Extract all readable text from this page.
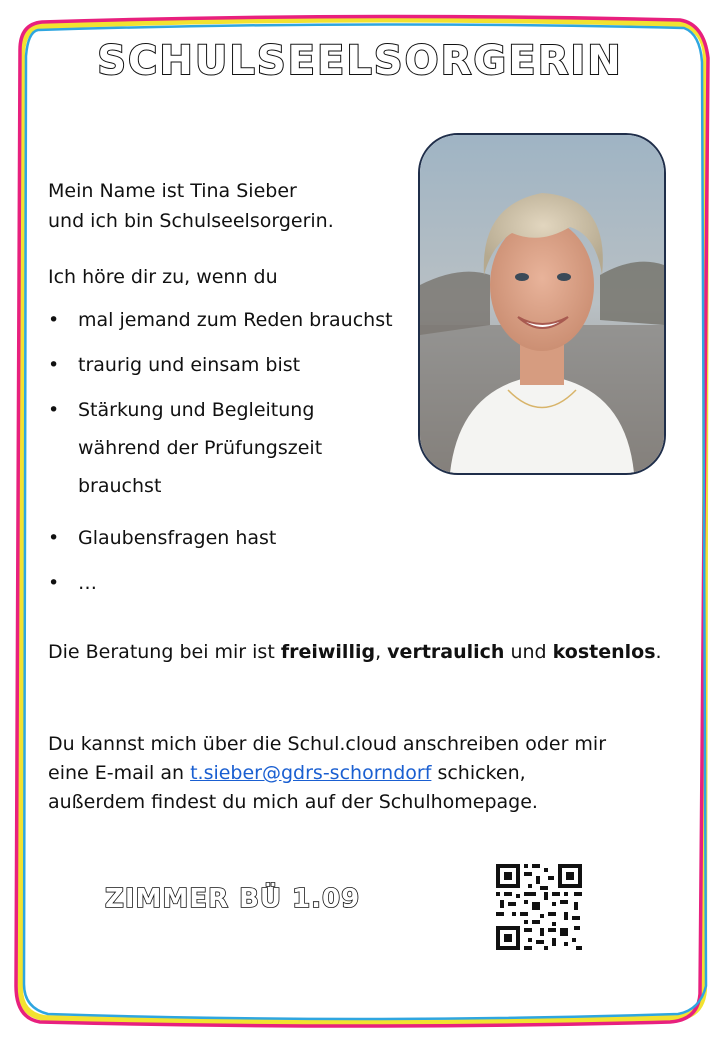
SCHULSEELSORGERIN
Mein Name ist Tina Sieber
und ich bin Schulseelsorgerin.
Ich höre dir zu, wenn du
• mal jemand zum Reden brauchst
• traurig und einsam bist
• Stärkung und Begleitung
während der Prüfungszeit
brauchst
• Glaubensfragen hast
• …
Die Beratung bei mir ist freiwillig, vertraulich und kostenlos.
Du kannst mich über die Schul.cloud anschreiben oder mir
eine E-mail an t.sieber@gdrs-schorndorf schicken,
außerdem findest du mich auf der Schulhomepage.
ZIMMER BÜ 1.09
